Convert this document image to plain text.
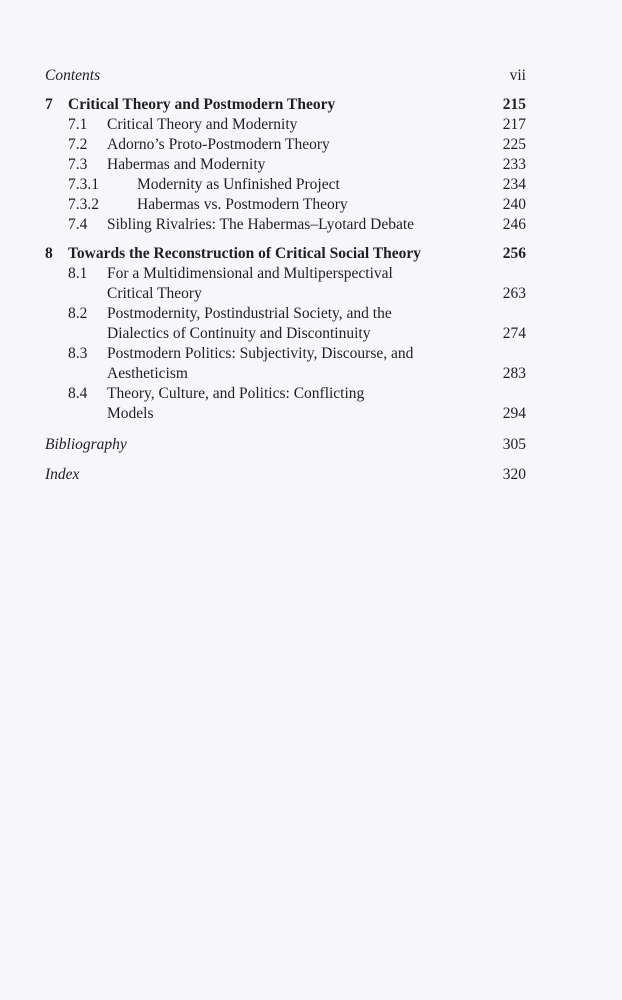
Contents	vii
7 Critical Theory and Postmodern Theory	215
7.1 Critical Theory and Modernity	217
7.2 Adorno’s Proto-Postmodern Theory	225
7.3 Habermas and Modernity	233
7.3.1 Modernity as Unfinished Project	234
7.3.2 Habermas vs. Postmodern Theory	240
7.4 Sibling Rivalries: The Habermas–Lyotard Debate	246
8 Towards the Reconstruction of Critical Social Theory	256
8.1 For a Multidimensional and Multiperspectival
Critical Theory	263
8.2 Postmodernity, Postindustrial Society, and the
Dialectics of Continuity and Discontinuity	274
8.3 Postmodern Politics: Subjectivity, Discourse, and
Aestheticism	283
8.4 Theory, Culture, and Politics: Conflicting
Models	294
Bibliography	305
Index	320
